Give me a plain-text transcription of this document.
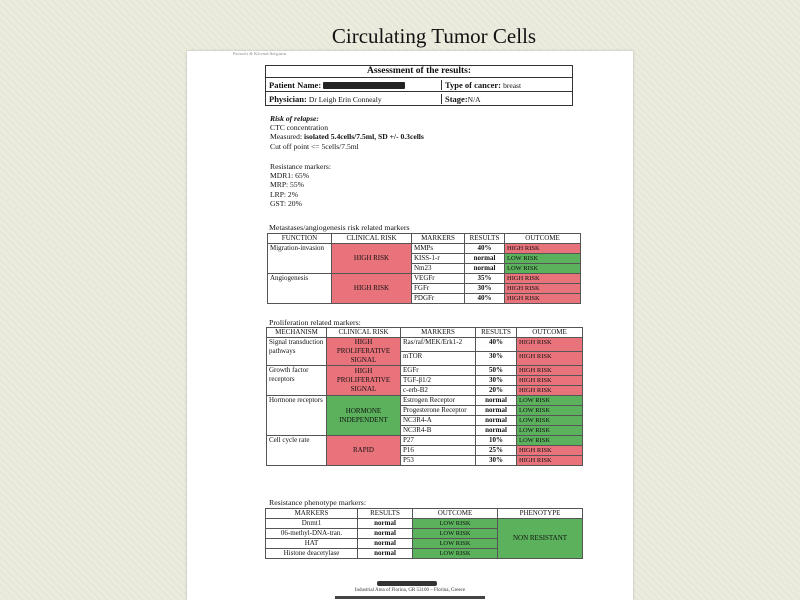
Circulating Tumor Cells
Ρεσουλτ & Κλινικά Δείγματα
Assessment of the results:
Patient Name:	Type of cancer: breast
Physician: Dr Leigh Erin Connealy	Stage:N/A
Risk of relapse:
CTC concentration
Measured: isolated 5.4cells/7.5ml, SD +/- 0.3cells
Cut off point <= 5cells/7.5ml
Resistance markers:
MDR1: 65%
MRP: 55%
LRP: 2%
GST: 20%
Metastases/angiogenesis risk related markers
FUNCTION	CLINICAL RISK	MARKERS	RESULTS	OUTCOME
Migration-invasion	HIGH RISK	MMPs	40%	HIGH RISK
		KISS-1-r	normal	LOW RISK
		Nm23	normal	LOW RISK
Angiogenesis	HIGH RISK	VEGFr	35%	HIGH RISK
		FGFr	30%	HIGH RISK
		PDGFr	40%	HIGH RISK
Proliferation related markers:
MECHANISM	CLINICAL RISK	MARKERS	RESULTS	OUTCOME
Signal transduction pathways	HIGH PROLIFERATIVE SIGNAL	Ras/raf/MEK/Erk1-2	40%	HIGH RISK
		mTOR	30%	HIGH RISK
Growth factor receptors	HIGH PROLIFERATIVE SIGNAL	EGFr	50%	HIGH RISK
		TGF-β1/2	30%	HIGH RISK
		c-erb-B2	20%	HIGH RISK
Hormone receptors	HORMONE INDEPENDENT	Estrogen Receptor	normal	LOW RISK
		Progesterone Receptor	normal	LOW RISK
		NC3R4-A	normal	LOW RISK
		NC3R4-B	normal	LOW RISK
Cell cycle rate	RAPID	P27	10%	LOW RISK
		P16	25%	HIGH RISK
		P53	30%	HIGH RISK
Resistance phenotype markers:
MARKERS	RESULTS	OUTCOME	PHENOTYPE
Dnmt1	normal	LOW RISK	NON RESISTANT
06-methyl-DNA-tran.	normal	LOW RISK	
HAT	normal	LOW RISK	
Histone deacetylase	normal	LOW RISK	
Industrial Area of Florina, GR 53100 – Florina, Greece
